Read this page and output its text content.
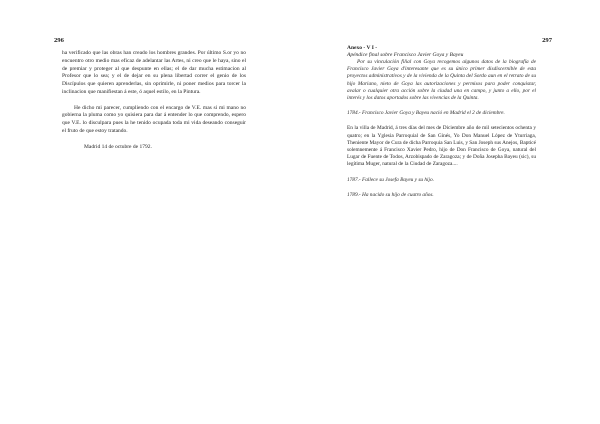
296

ha verificado que las obras han creado los hombres grandes. Por último S.or yo no encuentro otro medio mas eficaz de adelantar las Artes, ni creo que le haya, sino el de premiar y proteger al que despunte en ellas; el de dar mucha estimacion al Profesor que lo sea; y el de dejar en su plena libertad correr el genio de los Discípulos que quieren aprenderlas, sin oprimirle, ni poner medios para torcer la inclinacion que manifiestan á este, ó aquel estilo, en la Pintura.

He dicho mi parecer, cumpliendo con el encargo de V.E. mas si mi mano no gobierna la pluma como yo quisiera para dar á entender lo que comprendo, espero que V.E. lo disculpara pues la he tenido ocupada toda mi vida deseando conseguir el fruto de que estoy tratando.

Madrid 14 de octubre de 1792.

297

Anexo - V I -

Apéndice final sobre Francisco Javier Goya y Bayeu

Por su vinculación filial con Goya recogemos algunos datos de la biografía de Francisco Javier Goya d'interesante que es su único primer disdiscernible de esta proyectos administrativos y de la vivienda de la Quinta del Sordo aun en el retrato de su hijo Mariano, nieto de Goya las autorizaciones y permisos para poder conquistar, avalar o cualquier otra acción sobre la ciudad una en campo, y junto a ello, por el interés y los datos aportados sobre las vivencias de la Quinta.

1784.- Francisco Javier Goya y Bayeu nació en Madrid el 2 de diciembre.

En la villa de Madrid, á tres días del mes de Diciembre año de mil setecientos ochenta y quatro; en la Yglesia Parroquial de San Ginés, Yo Don Manuel López de Yturriaga, Theniente Mayor de Cura de dicha Parroquia San Luis, y San Joseph sus Anejos, Bapticé solemnemente á Francisco Xavier Pedro, hijo de Don Francisco de Goya, natural del Lugar de Fuente de Todos, Arzobispado de Zaragoza; y de Doña Josepha Bayeu (sic), su legítima Muger, natural de la Ciudad de Zaragoza....

1787.- Fallece su Josefa Bayeu y su hijo.

1789.- Ha nacido su hijo de cuatro años.
